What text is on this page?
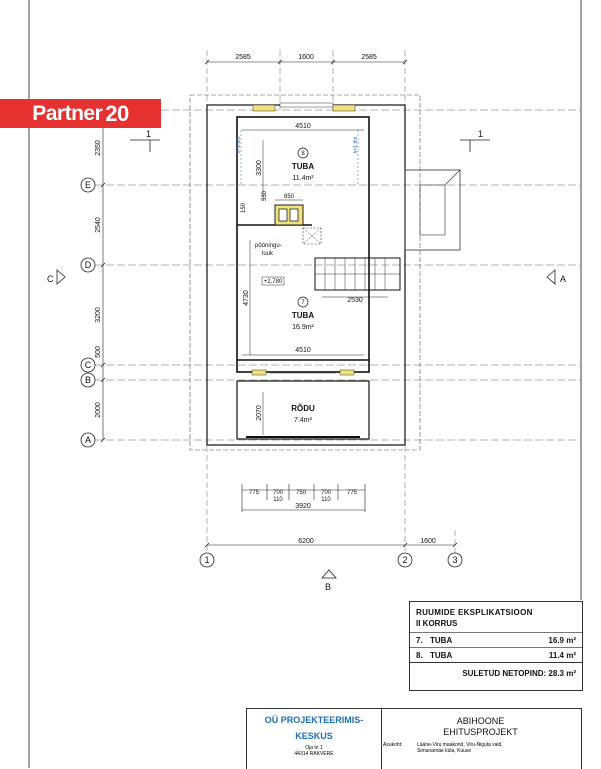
2585	1600	2585
2350
2540
3200
500
2000
E
D
C
B
A
2530
4510
4510
3300
4730
2070
530	850
150
h=1.8m	h=1.8m
+2.780
pööningu-
luuk
8
TUBA
11.4m²
7
TUBA
16.9m²
RÕDU
7.4m²
1	1
C	A
B
775 700 750 700	775
110	110
3920
6200	1600
1	2	3
Partner 20
RUUMIDE EKSPLIKATSIOON
II KORRUS
7. TUBA	16.9 m²
8. TUBA	11.4 m²
SULETUD NETOPIND: 28.3 m²
OÜ PROJEKTEERIMIS-
KESKUS
Oja tn 1
44314 RAKVERE
ABIHOONE
EHITUSPROJEKT
Asukoht:	Lääne-Viru maakond, Viru-Nigula vald,
Simunamäe küla, Kuuse
